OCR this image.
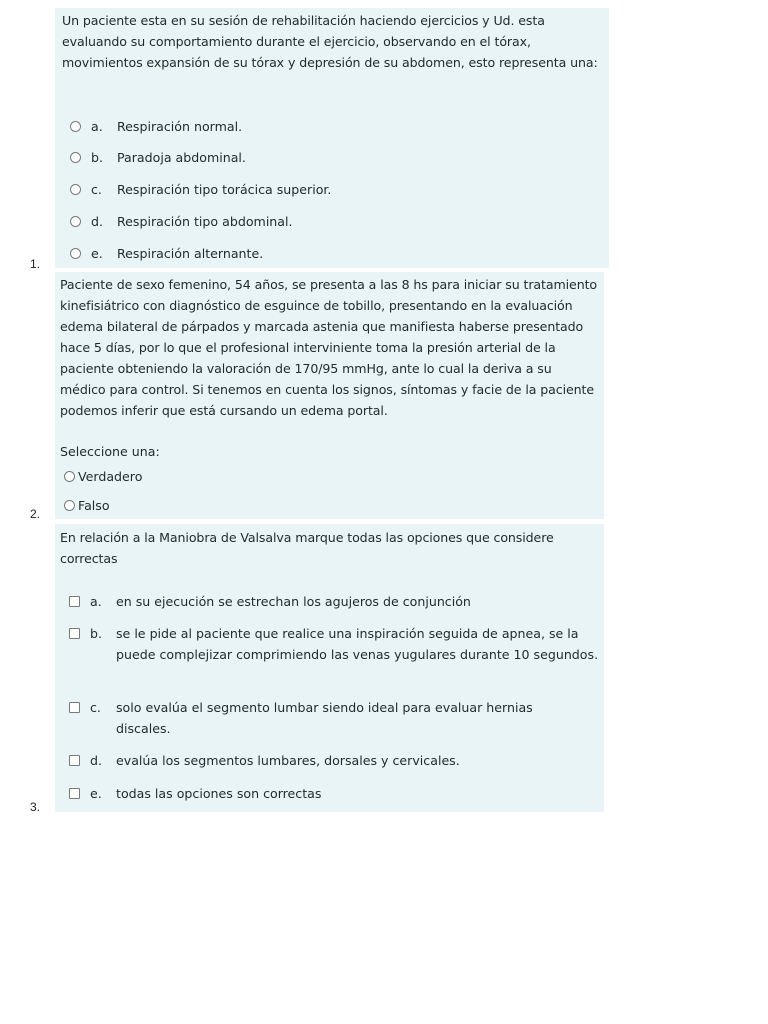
Un paciente esta en su sesión de rehabilitación haciendo ejercicios y Ud. esta evaluando su comportamiento durante el ejercicio, observando en el tórax, movimientos expansión de su tórax y depresión de su abdomen, esto representa una:
a.	Respiración normal.
b.	Paradoja abdominal.
c.	Respiración tipo torácica superior.
d.	Respiración tipo abdominal.
e.	Respiración alternante.
1.
Paciente de sexo femenino, 54 años, se presenta a las 8 hs para iniciar su tratamiento kinefisiátrico con diagnóstico de esguince de tobillo, presentando en la evaluación edema bilateral de párpados y marcada astenia que manifiesta haberse presentado hace 5 días, por lo que el profesional interviniente toma la presión arterial de la paciente obteniendo la valoración de 170/95 mmHg, ante lo cual la deriva a su médico para control. Si tenemos en cuenta los signos, síntomas y facie de la paciente podemos inferir que está cursando un edema portal.
Seleccione una:
Verdadero
Falso
2.
En relación a la Maniobra de Valsalva marque todas las opciones que considere correctas
a.	en su ejecución se estrechan los agujeros de conjunción
b.	se le pide al paciente que realice una inspiración seguida de apnea, se la puede complejizar comprimiendo las venas yugulares durante 10 segundos.
c.	solo evalúa el segmento lumbar siendo ideal para evaluar hernias discales.
d.	evalúa los segmentos lumbares, dorsales y cervicales.
e.	todas las opciones son correctas
3.
